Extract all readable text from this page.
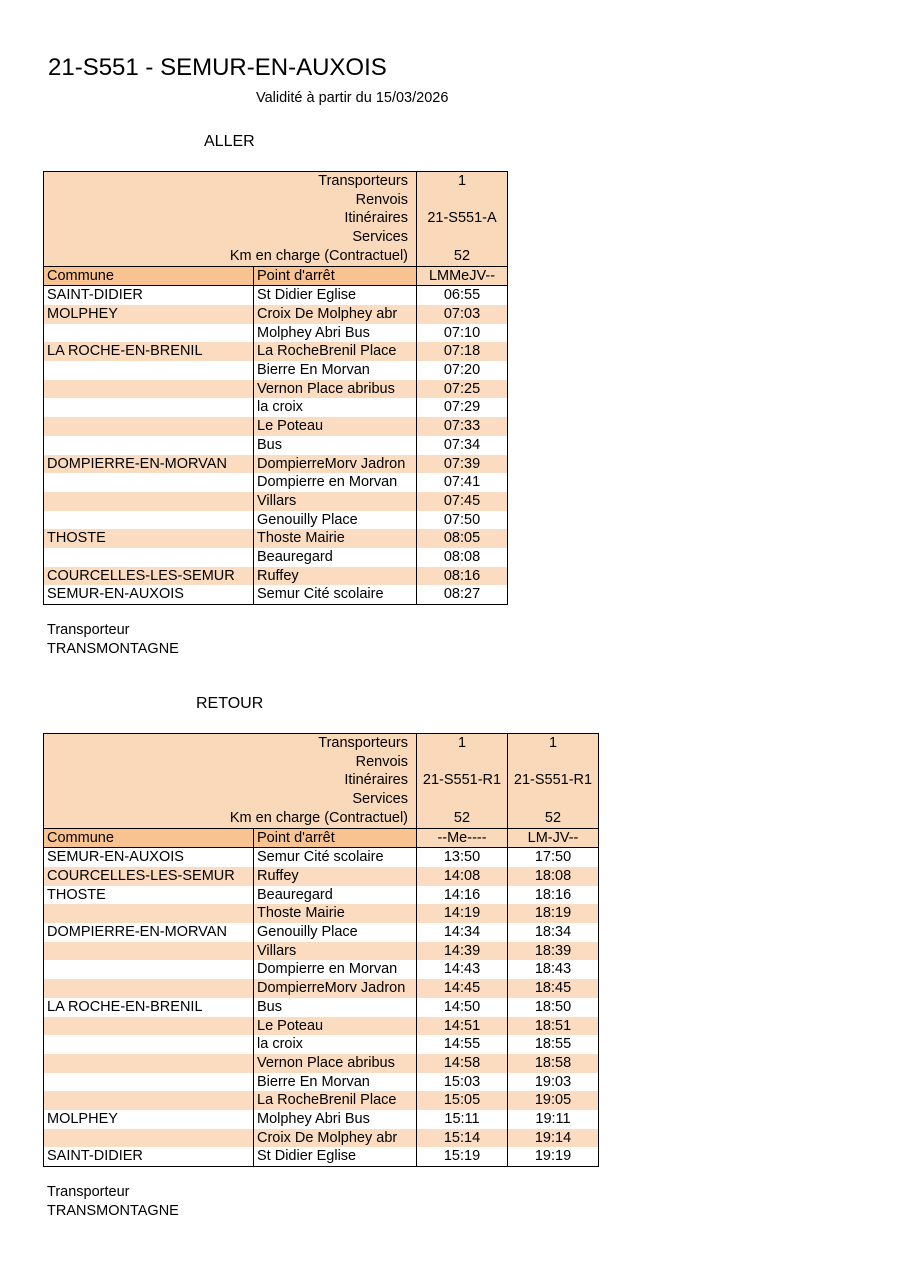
21-S551 - SEMUR-EN-AUXOIS
Validité à partir du 15/03/2026
ALLER
Transporteurs		1
Renvois		
Itinéraires		21-S551-A
Services		
Km en charge (Contractuel)		52
Commune	Point d'arrêt	LMMeJV--
SAINT-DIDIER	St Didier Eglise	06:55
MOLPHEY	Croix De Molphey abr	07:03
	Molphey Abri Bus	07:10
LA ROCHE-EN-BRENIL	La RocheBrenil Place	07:18
	Bierre En Morvan	07:20
	Vernon Place abribus	07:25
	la croix	07:29
	Le Poteau	07:33
	Bus	07:34
DOMPIERRE-EN-MORVAN	DompierreMorv Jadron	07:39
	Dompierre en Morvan	07:41
	Villars	07:45
	Genouilly Place	07:50
THOSTE	Thoste Mairie	08:05
	Beauregard	08:08
COURCELLES-LES-SEMUR	Ruffey	08:16
SEMUR-EN-AUXOIS	Semur Cité scolaire	08:27
Transporteur
TRANSMONTAGNE
RETOUR
Transporteurs		1	1
Renvois			
Itinéraires		21-S551-R1	21-S551-R1
Services			
Km en charge (Contractuel)		52	52
Commune	Point d'arrêt	--Me----	LM-JV--
SEMUR-EN-AUXOIS	Semur Cité scolaire	13:50	17:50
COURCELLES-LES-SEMUR	Ruffey	14:08	18:08
THOSTE	Beauregard	14:16	18:16
	Thoste Mairie	14:19	18:19
DOMPIERRE-EN-MORVAN	Genouilly Place	14:34	18:34
	Villars	14:39	18:39
	Dompierre en Morvan	14:43	18:43
	DompierreMorv Jadron	14:45	18:45
LA ROCHE-EN-BRENIL	Bus	14:50	18:50
	Le Poteau	14:51	18:51
	la croix	14:55	18:55
	Vernon Place abribus	14:58	18:58
	Bierre En Morvan	15:03	19:03
	La RocheBrenil Place	15:05	19:05
MOLPHEY	Molphey Abri Bus	15:11	19:11
	Croix De Molphey abr	15:14	19:14
SAINT-DIDIER	St Didier Eglise	15:19	19:19
Transporteur
TRANSMONTAGNE
